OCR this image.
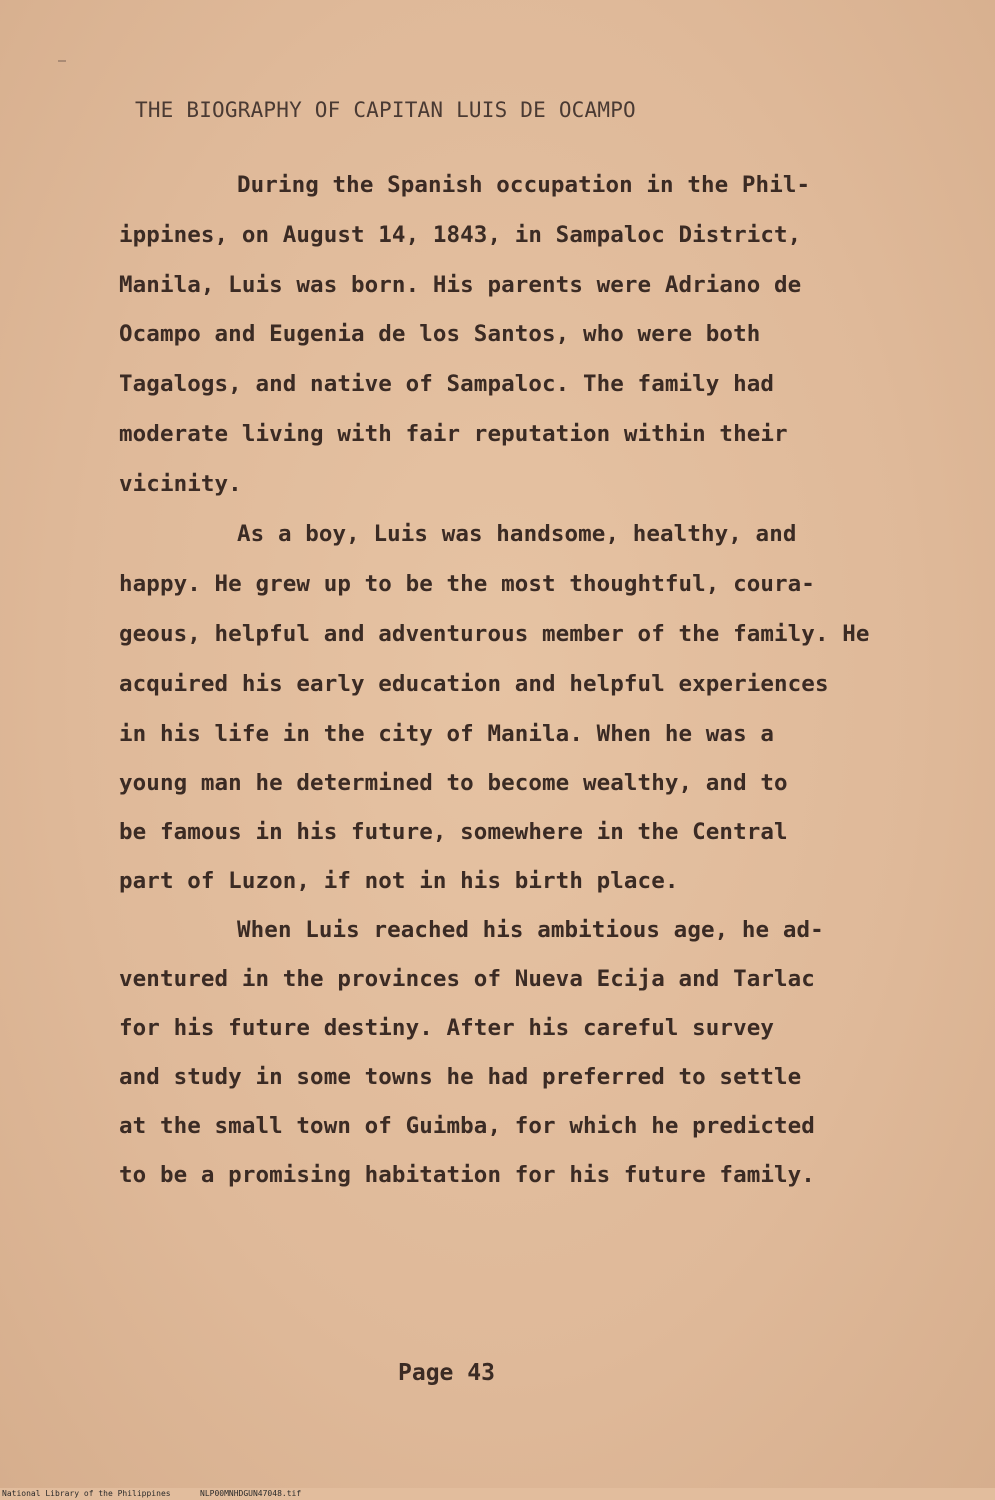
THE BIOGRAPHY OF CAPITAN LUIS DE OCAMPO
During the Spanish occupation in the Phil-
ippines, on August 14, 1843, in Sampaloc District,
Manila, Luis was born. His parents were Adriano de
Ocampo and Eugenia de los Santos, who were both
Tagalogs, and native of Sampaloc. The family had
moderate living with fair reputation within their
vicinity.
As a boy, Luis was handsome, healthy, and
happy. He grew up to be the most thoughtful, coura-
geous, helpful and adventurous member of the family. He
acquired his early education and helpful experiences
in his life in the city of Manila. When he was a
young man he determined to become wealthy, and to
be famous in his future, somewhere in the Central
part of Luzon, if not in his birth place.
When Luis reached his ambitious age, he ad-
ventured in the provinces of Nueva Ecija and Tarlac
for his future destiny. After his careful survey
and study in some towns he had preferred to settle
at the small town of Guimba, for which he predicted
to be a promising habitation for his future family.
Page 43
National Library of the Philippines	NLP00MNHDGUN47048.tif
